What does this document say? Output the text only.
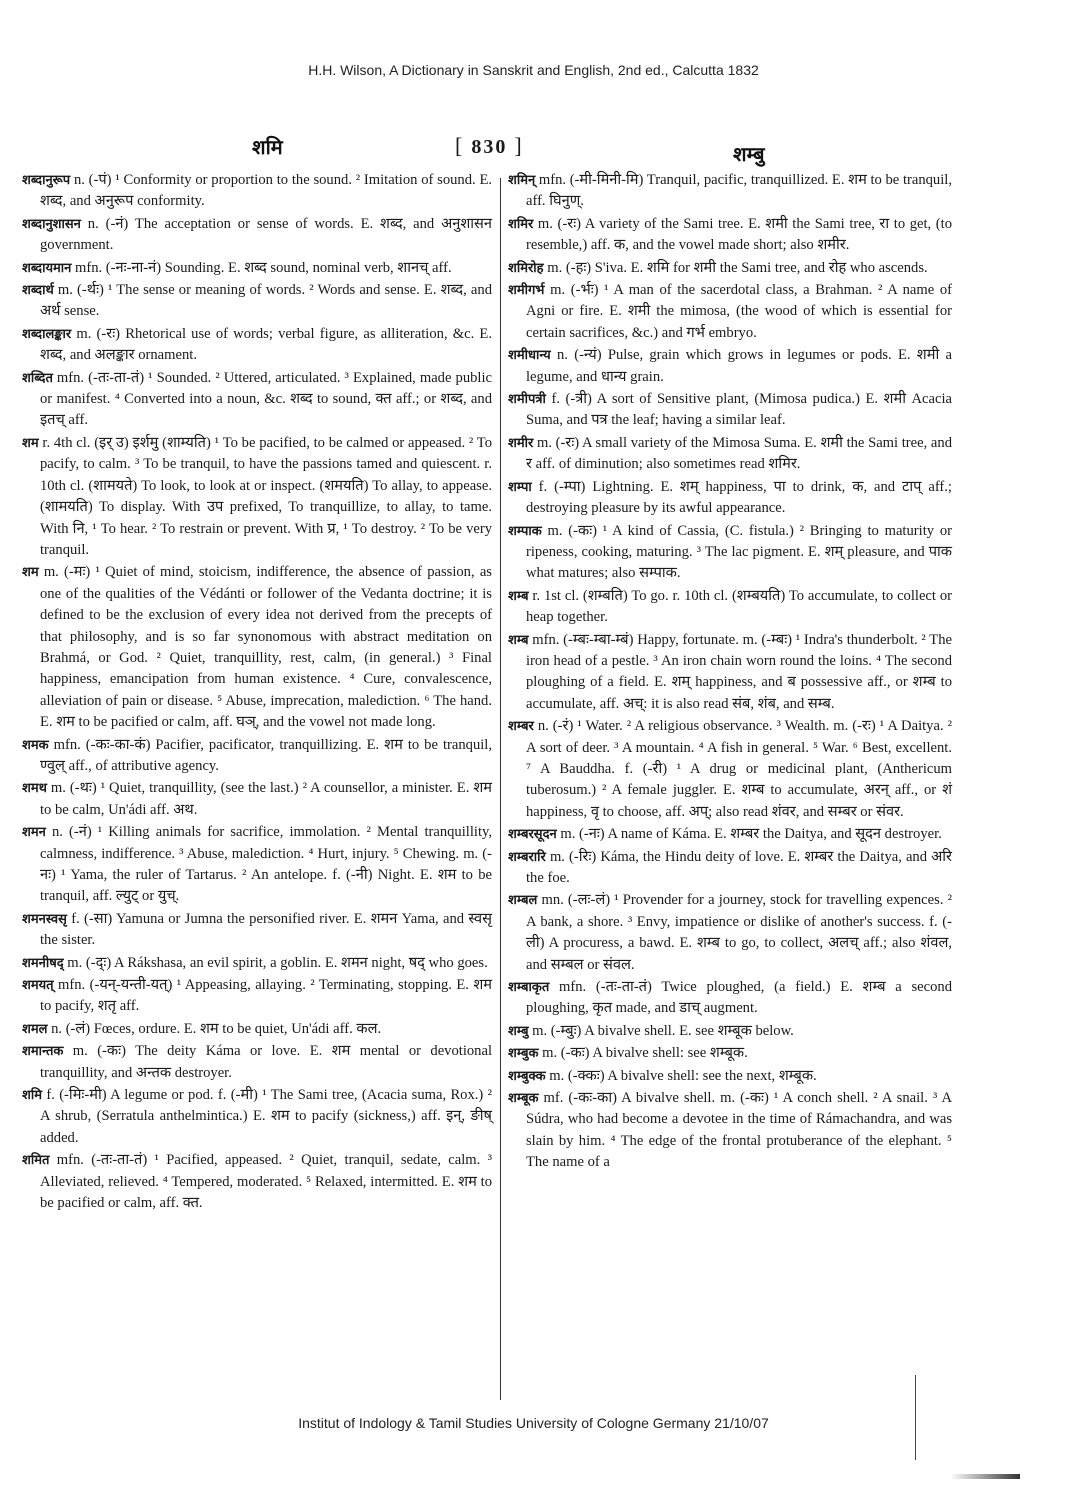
H.H. Wilson, A Dictionary in Sanskrit and English, 2nd ed., Calcutta 1832
शमि	[ 830 ]	शम्बु

शब्दानुरूप n. (-पं) ¹ Conformity or proportion to the sound. ² Imitation of sound. E. शब्द, and अनुरूप conformity.

शब्दानुशासन n. (-नं) The acceptation or sense of words. E. शब्द, and अनुशासन government.

शब्दायमान mfn. (-नः-ना-नं) Sounding. E. शब्द sound, nominal verb, शानच् aff.

शब्दार्थ m. (-र्थः) ¹ The sense or meaning of words. ² Words and sense. E. शब्द, and अर्थ sense.

शब्दालङ्कार m. (-रः) Rhetorical use of words; verbal figure, as alliteration, &c. E. शब्द, and अलङ्कार ornament.

शब्दित mfn. (-तः-ता-तं) ¹ Sounded. ² Uttered, articulated. ³ Explained, made public or manifest. ⁴ Converted into a noun, &c. शब्द to sound, क्त aff.; or शब्द, and इतच् aff.

शम r. 4th cl. (इर् उ) इर्शमु (शाम्यति) ¹ To be pacified, to be calmed or appeased. ² To pacify, to calm. ³ To be tranquil, to have the passions tamed and quiescent. r. 10th cl. (शामयते) To look, to look at or inspect. (शमयति) To allay, to appease. (शामयति) To display. With उप prefixed, To tranquillize, to allay, to tame. With नि, ¹ To hear. ² To restrain or prevent. With प्र, ¹ To destroy. ² To be very tranquil.

शम m. (-मः) ¹ Quiet of mind, stoicism, indifference, the absence of passion, as one of the qualities of the Védánti or follower of the Vedanta doctrine; it is defined to be the exclusion of every idea not derived from the precepts of that philosophy, and is so far synonomous with abstract meditation on Brahmá, or God. ² Quiet, tranquillity, rest, calm, (in general.) ³ Final happiness, emancipation from human existence. ⁴ Cure, convalescence, alleviation of pain or disease. ⁵ Abuse, imprecation, malediction. ⁶ The hand. E. शम to be pacified or calm, aff. घञ्, and the vowel not made long.

शमक mfn. (-कः-का-कं) Pacifier, pacificator, tranquillizing. E. शम to be tranquil, ण्वुल् aff., of attributive agency.

शमथ m. (-थः) ¹ Quiet, tranquillity, (see the last.) ² A counsellor, a minister. E. शम to be calm, Un'ádi aff. अथ.

शमन n. (-नं) ¹ Killing animals for sacrifice, immolation. ² Mental tranquillity, calmness, indifference. ³ Abuse, malediction. ⁴ Hurt, injury. ⁵ Chewing. m. (-नः) ¹ Yama, the ruler of Tartarus. ² An antelope. f. (-नी) Night. E. शम to be tranquil, aff. ल्युट् or युच्.

शमनस्वसृ f. (-सा) Yamuna or Jumna the personified river. E. शमन Yama, and स्वसृ the sister.

शमनीषद् m. (-द्ः) A Rákshasa, an evil spirit, a goblin. E. शमन night, षद् who goes.

शमयत् mfn. (-यन्-यन्ती-यत्) ¹ Appeasing, allaying. ² Terminating, stopping. E. शम to pacify, शतृ aff.

शमल n. (-लं) Fœces, ordure. E. शम to be quiet, Un'ádi aff. कल.

शमान्तक m. (-कः) The deity Káma or love. E. शम mental or devotional tranquillity, and अन्तक destroyer.

शमि f. (-मिः-मी) A legume or pod. f. (-मी) ¹ The Sami tree, (Acacia suma, Rox.) ² A shrub, (Serratula anthelmintica.) E. शम to pacify (sickness,) aff. इन्, ङीष् added.

शमित mfn. (-तः-ता-तं) ¹ Pacified, appeased. ² Quiet, tranquil, sedate, calm. ³ Alleviated, relieved. ⁴ Tempered, moderated. ⁵ Relaxed, intermitted. E. शम to be pacified or calm, aff. क्त.

शमिन् mfn. (-मी-मिनी-मि) Tranquil, pacific, tranquillized. E. शम to be tranquil, aff. घिनुण्.

शमिर m. (-रः) A variety of the Sami tree. E. शमी the Sami tree, रा to get, (to resemble,) aff. क, and the vowel made short; also शमीर.

शमिरोह m. (-हः) S'iva. E. शमि for शमी the Sami tree, and रोह who ascends.

शमीगर्भ m. (-र्भः) ¹ A man of the sacerdotal class, a Brahman. ² A name of Agni or fire. E. शमी the mimosa, (the wood of which is essential for certain sacrifices, &c.) and गर्भ embryo.

शमीधान्य n. (-न्यं) Pulse, grain which grows in legumes or pods. E. शमी a legume, and धान्य grain.

शमीपत्री f. (-त्री) A sort of Sensitive plant, (Mimosa pudica.) E. शमी Acacia Suma, and पत्र the leaf; having a similar leaf.

शमीर m. (-रः) A small variety of the Mimosa Suma. E. शमी the Sami tree, and र aff. of diminution; also sometimes read शमिर.

शम्पा f. (-म्पा) Lightning. E. शम् happiness, पा to drink, क, and टाप् aff.; destroying pleasure by its awful appearance.

शम्पाक m. (-कः) ¹ A kind of Cassia, (C. fistula.) ² Bringing to maturity or ripeness, cooking, maturing. ³ The lac pigment. E. शम् pleasure, and पाक what matures; also सम्पाक.

शम्ब r. 1st cl. (शम्बति) To go. r. 10th cl. (शम्बयति) To accumulate, to collect or heap together.

शम्ब mfn. (-म्बः-म्बा-म्बं) Happy, fortunate. m. (-म्बः) ¹ Indra's thunderbolt. ² The iron head of a pestle. ³ An iron chain worn round the loins. ⁴ The second ploughing of a field. E. शम् happiness, and ब possessive aff., or शम्ब to accumulate, aff. अच्: it is also read संब, शंब, and सम्ब.

शम्बर n. (-रं) ¹ Water. ² A religious observance. ³ Wealth. m. (-रः) ¹ A Daitya. ² A sort of deer. ³ A mountain. ⁴ A fish in general. ⁵ War. ⁶ Best, excellent. ⁷ A Bauddha. f. (-री) ¹ A drug or medicinal plant, (Anthericum tuberosum.) ² A female juggler. E. शम्ब to accumulate, अरन् aff., or शं happiness, वृ to choose, aff. अप्; also read शंवर, and सम्बर or संवर.

शम्बरसूदन m. (-नः) A name of Káma. E. शम्बर the Daitya, and सूदन destroyer.

शम्बरारि m. (-रिः) Káma, the Hindu deity of love. E. शम्बर the Daitya, and अरि the foe.

शम्बल mn. (-लः-लं) ¹ Provender for a journey, stock for travelling expences. ² A bank, a shore. ³ Envy, impatience or dislike of another's success. f. (-ली) A procuress, a bawd. E. शम्ब to go, to collect, अलच् aff.; also शंवल, and सम्बल or संवल.

शम्बाकृत mfn. (-तः-ता-तं) Twice ploughed, (a field.) E. शम्ब a second ploughing, कृत made, and डाच् augment.

शम्बु m. (-म्बुः) A bivalve shell. E. see शम्बूक below.

शम्बुक m. (-कः) A bivalve shell: see शम्बूक.

शम्बुक्क m. (-क्कः) A bivalve shell: see the next, शम्बूक.

शम्बूक mf. (-कः-का) A bivalve shell. m. (-कः) ¹ A conch shell. ² A snail. ³ A Súdra, who had become a devotee in the time of Rámachandra, and was slain by him. ⁴ The edge of the frontal protuberance of the elephant. ⁵ The name of a

Institut of Indology & Tamil Studies University of Cologne Germany 21/10/07
